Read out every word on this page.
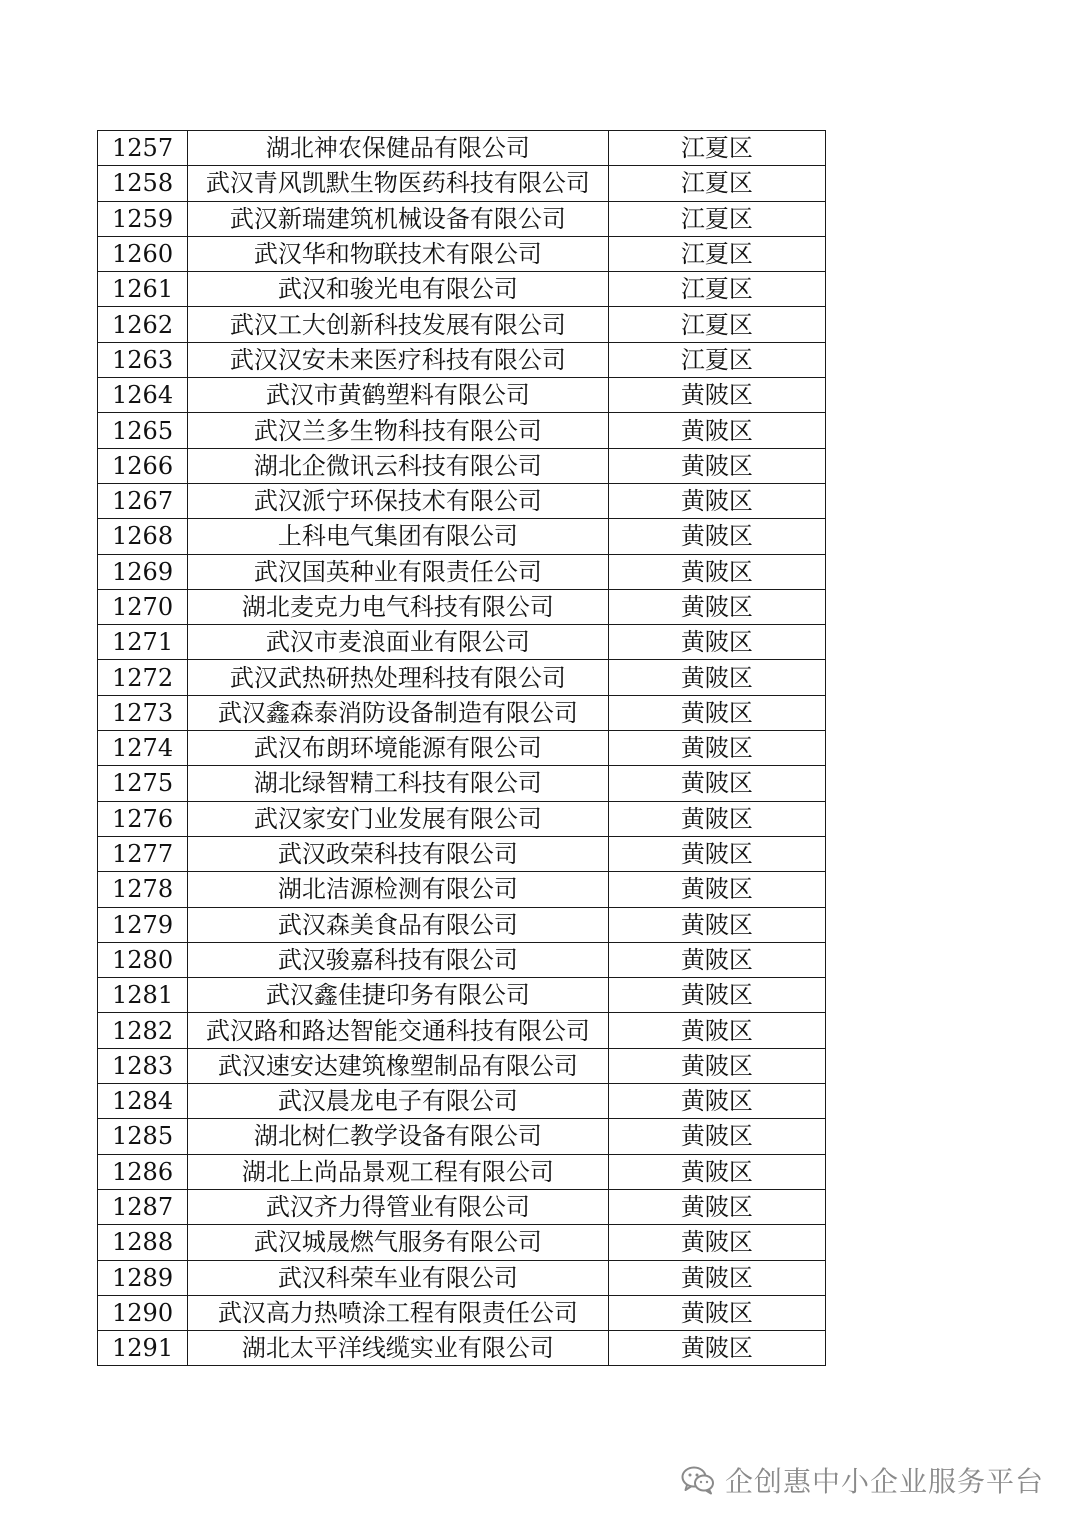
1257	湖北神农保健品有限公司	江夏区
1258	武汉青风凯默生物医药科技有限公司	江夏区
1259	武汉新瑞建筑机械设备有限公司	江夏区
1260	武汉华和物联技术有限公司	江夏区
1261	武汉和骏光电有限公司	江夏区
1262	武汉工大创新科技发展有限公司	江夏区
1263	武汉汉安未来医疗科技有限公司	江夏区
1264	武汉市黄鹤塑料有限公司	黄陂区
1265	武汉兰多生物科技有限公司	黄陂区
1266	湖北企微讯云科技有限公司	黄陂区
1267	武汉派宁环保技术有限公司	黄陂区
1268	上科电气集团有限公司	黄陂区
1269	武汉国英种业有限责任公司	黄陂区
1270	湖北麦克力电气科技有限公司	黄陂区
1271	武汉市麦浪面业有限公司	黄陂区
1272	武汉武热研热处理科技有限公司	黄陂区
1273	武汉鑫森泰消防设备制造有限公司	黄陂区
1274	武汉布朗环境能源有限公司	黄陂区
1275	湖北绿智精工科技有限公司	黄陂区
1276	武汉家安门业发展有限公司	黄陂区
1277	武汉政荣科技有限公司	黄陂区
1278	湖北洁源检测有限公司	黄陂区
1279	武汉森美食品有限公司	黄陂区
1280	武汉骏嘉科技有限公司	黄陂区
1281	武汉鑫佳捷印务有限公司	黄陂区
1282	武汉路和路达智能交通科技有限公司	黄陂区
1283	武汉速安达建筑橡塑制品有限公司	黄陂区
1284	武汉晨龙电子有限公司	黄陂区
1285	湖北树仁教学设备有限公司	黄陂区
1286	湖北上尚品景观工程有限公司	黄陂区
1287	武汉齐力得管业有限公司	黄陂区
1288	武汉城晟燃气服务有限公司	黄陂区
1289	武汉科荣车业有限公司	黄陂区
1290	武汉高力热喷涂工程有限责任公司	黄陂区
1291	湖北太平洋线缆实业有限公司	黄陂区
企创惠中小企业服务平台
